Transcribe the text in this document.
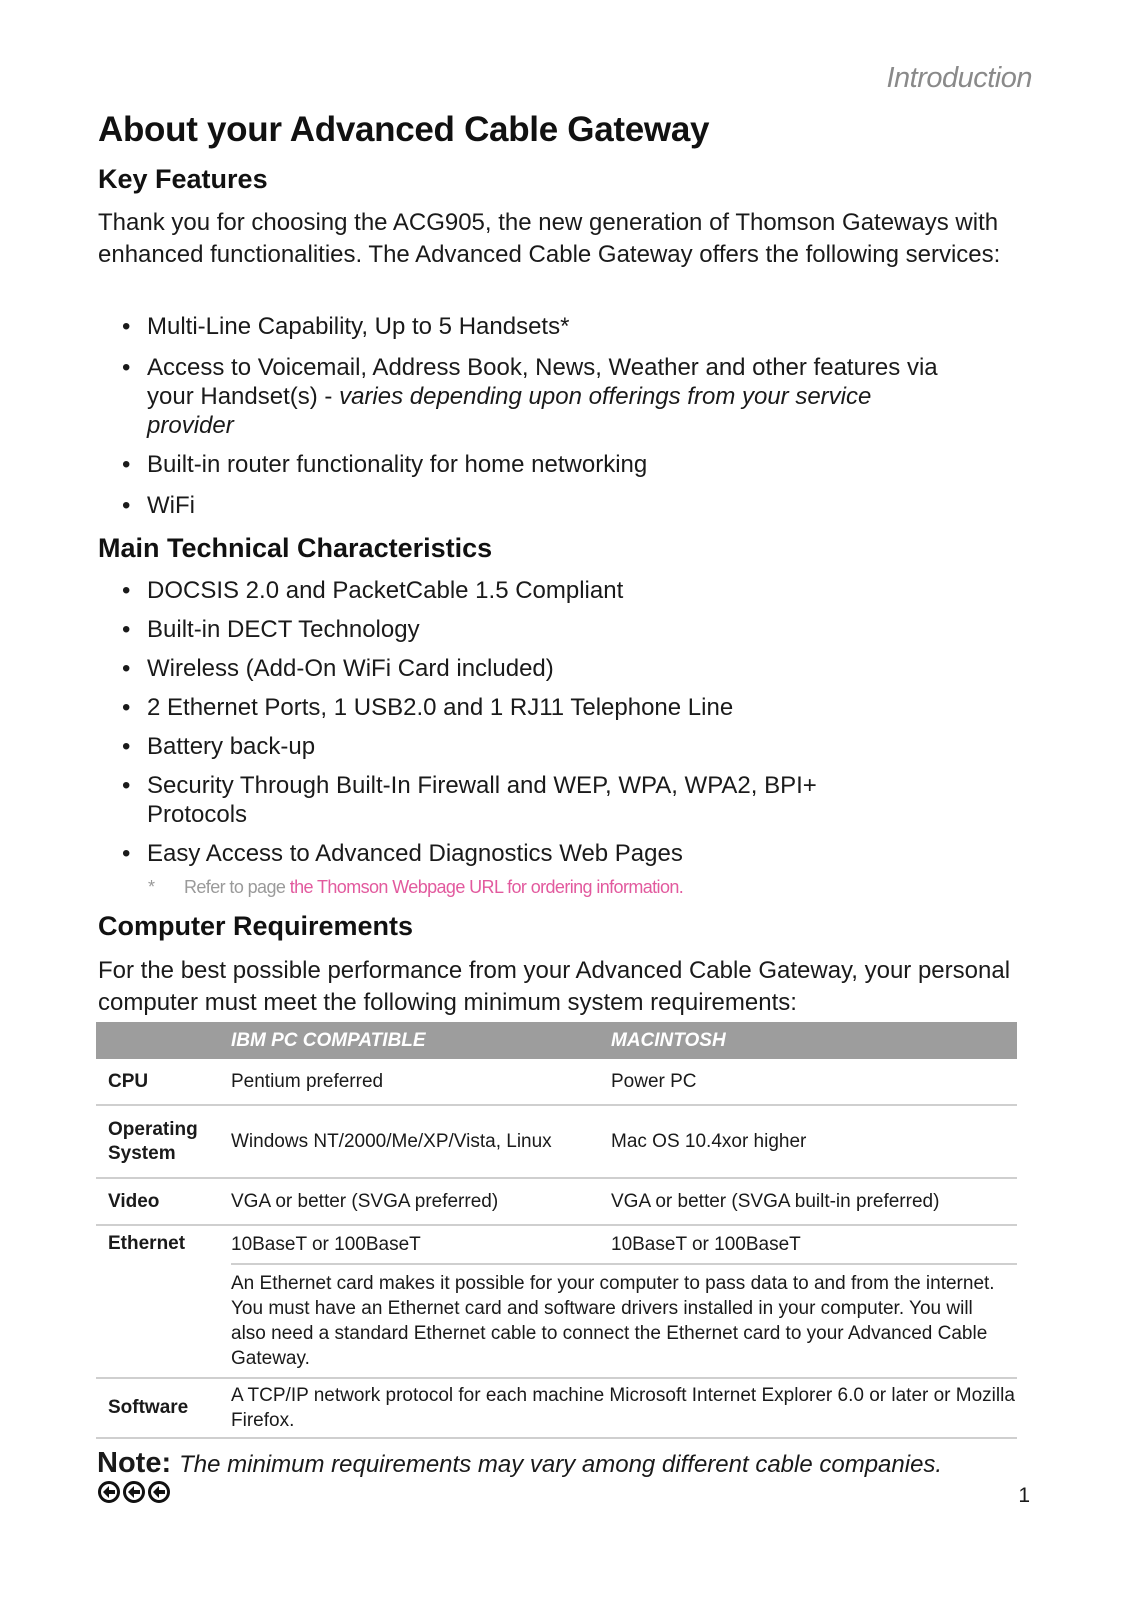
Introduction
About your Advanced Cable Gateway
Key Features

Thank you for choosing the ACG905, the new generation of Thomson Gateways with enhanced functionalities. The Advanced Cable Gateway offers the following services:

• Multi-Line Capability, Up to 5 Handsets*
• Access to Voicemail, Address Book, News, Weather and other features via your Handset(s) - varies depending upon offerings from your service provider
• Built-in router functionality for home networking
• WiFi
Main Technical Characteristics
• DOCSIS 2.0 and PacketCable 1.5 Compliant
• Built-in DECT Technology
• Wireless (Add-On WiFi Card included)
• 2 Ethernet Ports, 1 USB2.0 and 1 RJ11 Telephone Line
• Battery back-up
• Security Through Built-In Firewall and WEP, WPA, WPA2, BPI+ Protocols
• Easy Access to Advanced Diagnostics Web Pages
* Refer to page the Thomson Webpage URL for ordering information.
Computer Requirements

For the best possible performance from your Advanced Cable Gateway, your personal computer must meet the following minimum system requirements:

	IBM PC COMPATIBLE	MACINTOSH
CPU	Pentium preferred	Power PC
Operating System	Windows NT/2000/Me/XP/Vista, Linux	Mac OS 10.4xor higher
Video	VGA or better (SVGA preferred)	VGA or better (SVGA built-in preferred)
Ethernet	10BaseT or 100BaseT	10BaseT or 100BaseT
	An Ethernet card makes it possible for your computer to pass data to and from the internet. You must have an Ethernet card and software drivers installed in your computer. You will also need a standard Ethernet cable to connect the Ethernet card to your Advanced Cable Gateway.	
Software	A TCP/IP network protocol for each machine Microsoft Internet Explorer 6.0 or later or Mozilla Firefox.	
Note: The minimum requirements may vary among different cable companies.
1
